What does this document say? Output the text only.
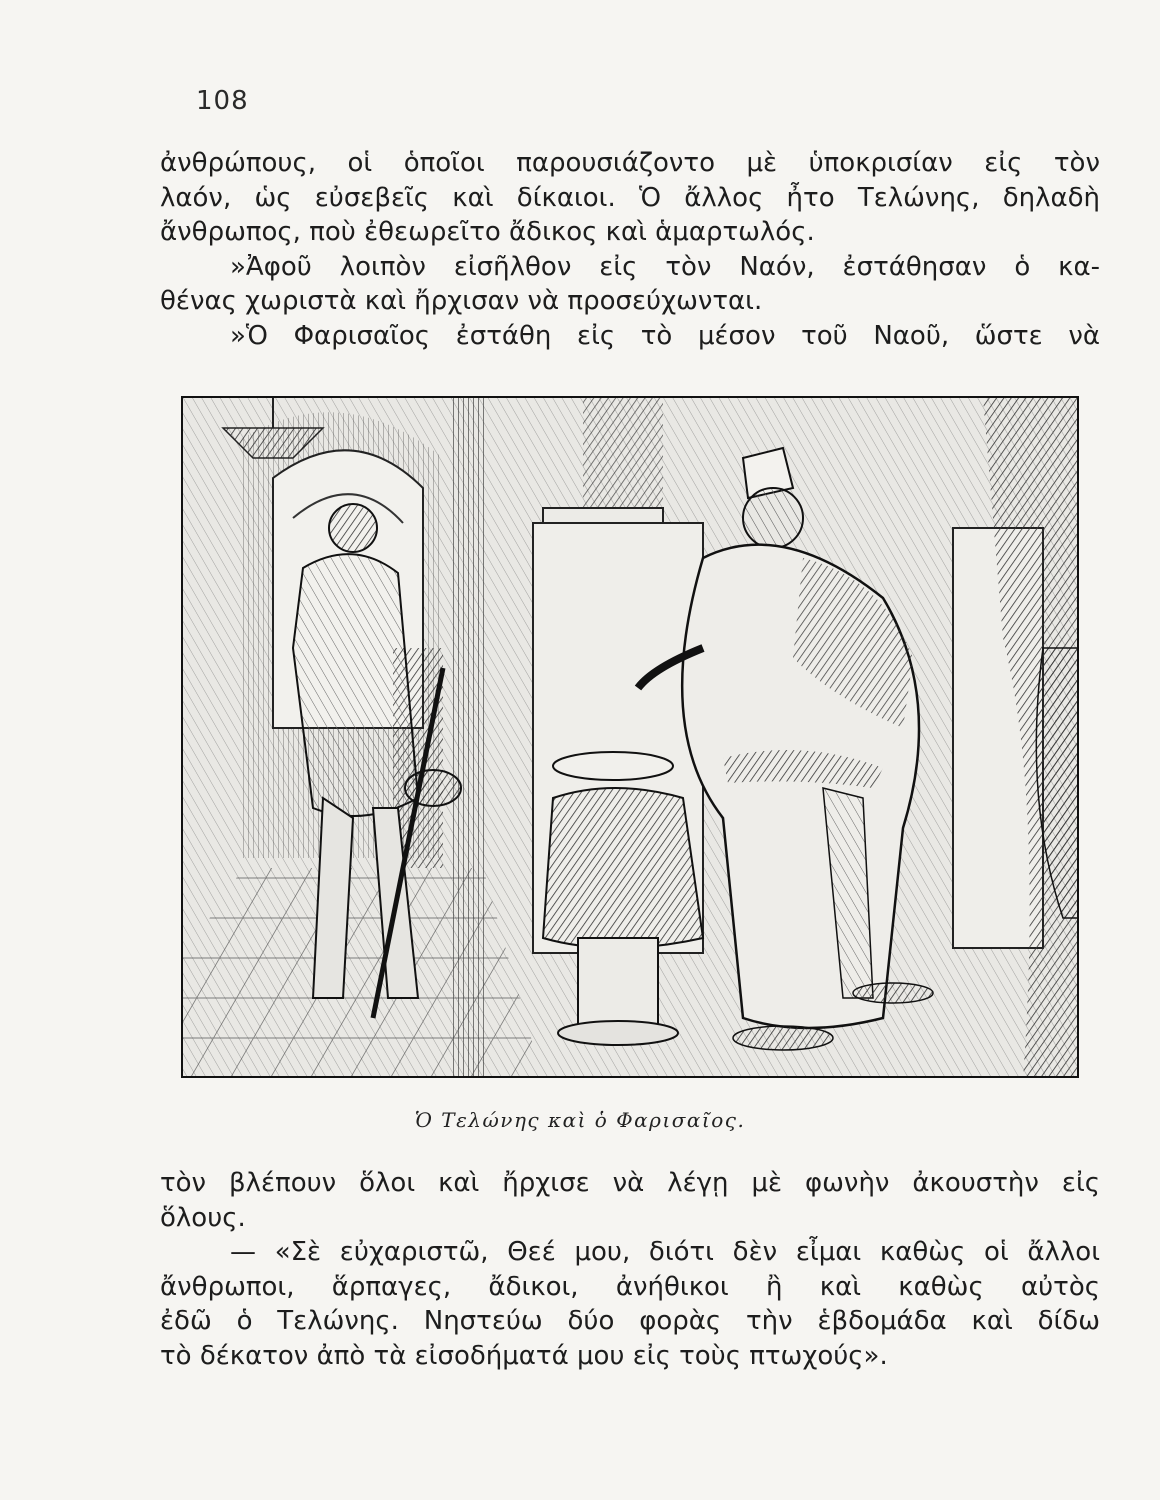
108
ἀνθρώπους, οἱ ὁποῖοι παρουσιάζοντο μὲ ὑποκρισίαν εἰς τὸν
λαόν, ὡς εὐσεβεῖς καὶ δίκαιοι. Ὁ ἄλλος ἦτο Τελώνης, δηλαδὴ
ἄνθρωπος, ποὺ ἐθεωρεῖτο ἄδικος καὶ ἁμαρτωλός.
»Ἀφοῦ λοιπὸν εἰσῆλθον εἰς τὸν Ναόν, ἐστάθησαν ὁ κα-
θένας χωριστὰ καὶ ἤρχισαν νὰ προσεύχωνται.
»Ὁ Φαρισαῖος ἐστάθη εἰς τὸ μέσον τοῦ Ναοῦ, ὥστε νὰ
Ὁ Τελώνης καὶ ὁ Φαρισαῖος.
τὸν βλέπουν ὅλοι καὶ ἤρχισε νὰ λέγῃ μὲ φωνὴν ἀκουστὴν εἰς
ὅλους.
— «Σὲ εὐχαριστῶ, Θεέ μου, διότι δὲν εἶμαι καθὼς οἱ ἄλλοι
ἄνθρωποι, ἅρπαγες, ἄδικοι, ἀνήθικοι ἢ καὶ καθὼς αὐτὸς
ἐδῶ ὁ Τελώνης. Νηστεύω δύο φορὰς τὴν ἑβδομάδα καὶ δίδω
τὸ δέκατον ἀπὸ τὰ εἰσοδήματά μου εἰς τοὺς πτωχούς».
